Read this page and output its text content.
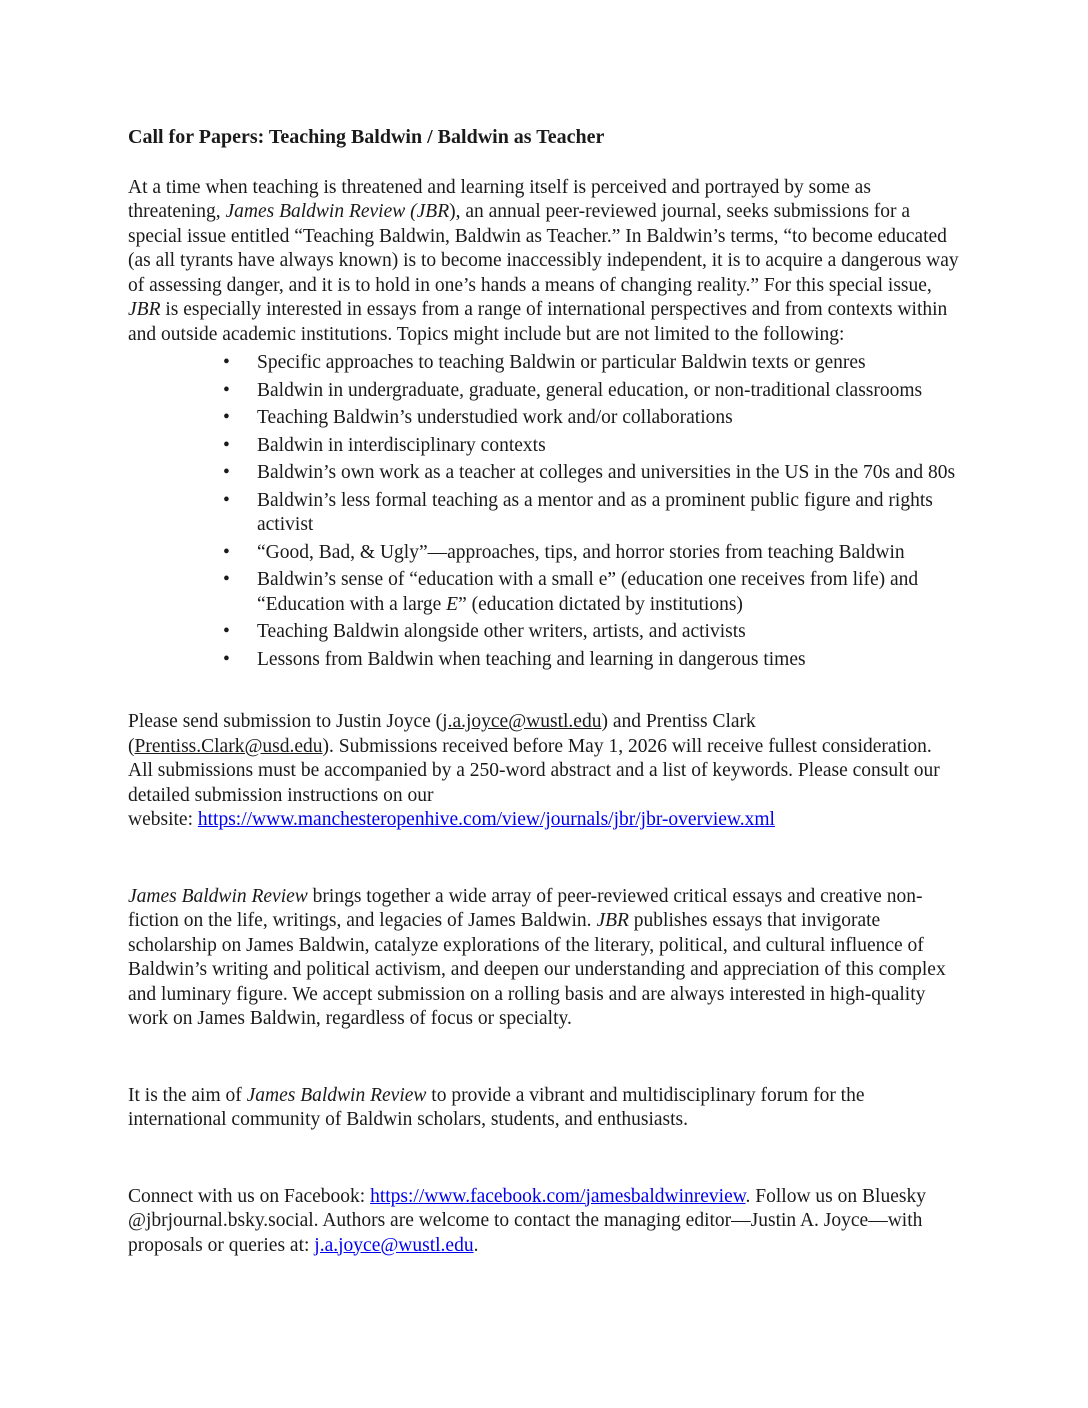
Call for Papers: Teaching Baldwin / Baldwin as Teacher

At a time when teaching is threatened and learning itself is perceived and portrayed by some as threatening, James Baldwin Review (JBR), an annual peer-reviewed journal, seeks submissions for a special issue entitled “Teaching Baldwin, Baldwin as Teacher.” In Baldwin’s terms, “to become educated (as all tyrants have always known) is to become inaccessibly independent, it is to acquire a dangerous way of assessing danger, and it is to hold in one’s hands a means of changing reality.” For this special issue, JBR is especially interested in essays from a range of international perspectives and from contexts within and outside academic institutions. Topics might include but are not limited to the following:

• Specific approaches to teaching Baldwin or particular Baldwin texts or genres
• Baldwin in undergraduate, graduate, general education, or non-traditional classrooms
• Teaching Baldwin’s understudied work and/or collaborations
• Baldwin in interdisciplinary contexts
• Baldwin’s own work as a teacher at colleges and universities in the US in the 70s and 80s
• Baldwin’s less formal teaching as a mentor and as a prominent public figure and rights activist
• “Good, Bad, & Ugly”—approaches, tips, and horror stories from teaching Baldwin
• Baldwin’s sense of “education with a small e” (education one receives from life) and “Education with a large E” (education dictated by institutions)
• Teaching Baldwin alongside other writers, artists, and activists
• Lessons from Baldwin when teaching and learning in dangerous times

Please send submission to Justin Joyce (j.a.joyce@wustl.edu) and Prentiss Clark (Prentiss.Clark@usd.edu). Submissions received before May 1, 2026 will receive fullest consideration. All submissions must be accompanied by a 250-word abstract and a list of keywords. Please consult our detailed submission instructions on our
website: https://www.manchesteropenhive.com/view/journals/jbr/jbr-overview.xml

James Baldwin Review brings together a wide array of peer-reviewed critical essays and creative non-fiction on the life, writings, and legacies of James Baldwin. JBR publishes essays that invigorate scholarship on James Baldwin, catalyze explorations of the literary, political, and cultural influence of Baldwin’s writing and political activism, and deepen our understanding and appreciation of this complex and luminary figure. We accept submission on a rolling basis and are always interested in high-quality work on James Baldwin, regardless of focus or specialty.

It is the aim of James Baldwin Review to provide a vibrant and multidisciplinary forum for the international community of Baldwin scholars, students, and enthusiasts.

Connect with us on Facebook: https://www.facebook.com/jamesbaldwinreview. Follow us on Bluesky @jbrjournal.bsky.social. Authors are welcome to contact the managing editor—Justin A. Joyce—with proposals or queries at: j.a.joyce@wustl.edu.
